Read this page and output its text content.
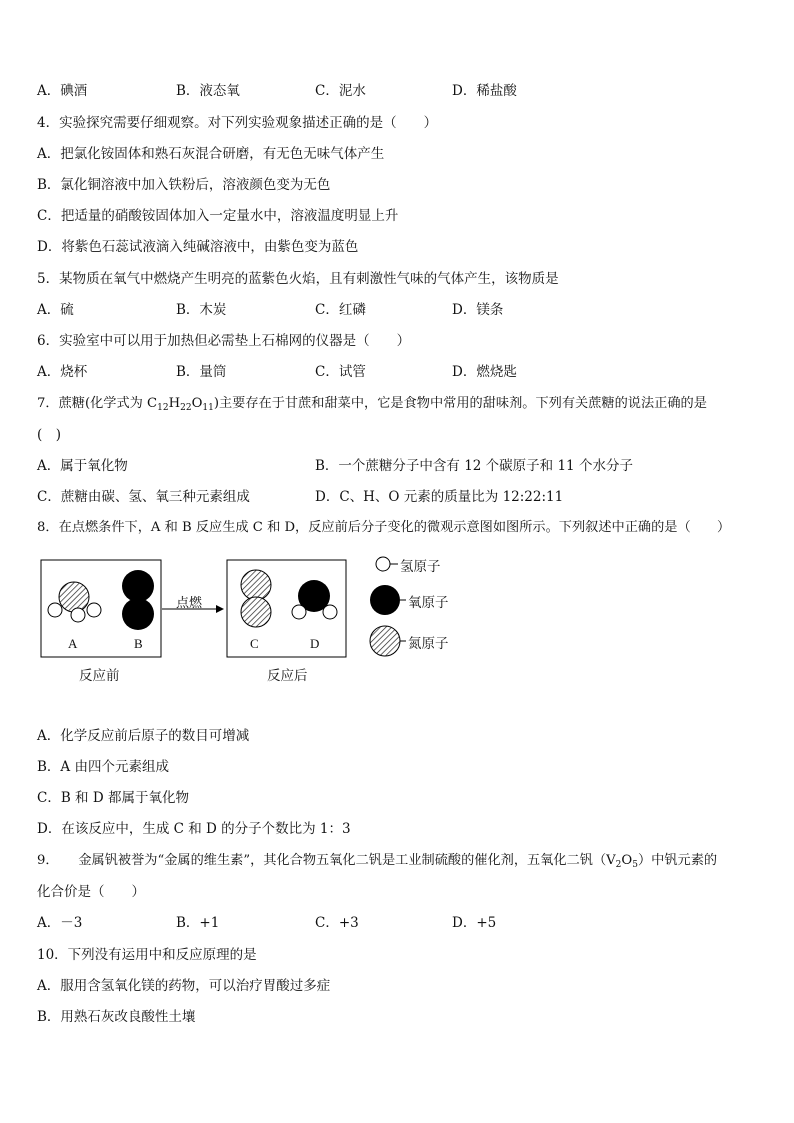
A．碘酒	B．液态氧	C．泥水	D．稀盐酸
4．实验探究需要仔细观察。对下列实验观象描述正确的是（　　）
A．把氯化铵固体和熟石灰混合研磨，有无色无味气体产生
B．氯化铜溶液中加入铁粉后，溶液颜色变为无色
C．把适量的硝酸铵固体加入一定量水中，溶液温度明显上升
D．将紫色石蕊试液滴入纯碱溶液中，由紫色变为蓝色
5．某物质在氧气中燃烧产生明亮的蓝紫色火焰，且有刺激性气味的气体产生，该物质是
A．硫	B．木炭	C．红磷	D．镁条
6．实验室中可以用于加热但必需垫上石棉网的仪器是（　　）
A．烧杯	B．量筒	C．试管	D．燃烧匙
7．蔗糖(化学式为 $C_{12}H_{22}O_{11}$)主要存在于甘蔗和甜菜中，它是食物中常用的甜味剂。下列有关蔗糖的说法正确的是
(　)
A．属于氧化物	B．一个蔗糖分子中含有 12 个碳原子和 11 个水分子
C．蔗糖由碳、氢、氧三种元素组成	D．C、H、O 元素的质量比为 12:22:11
8．在点燃条件下，A 和 B 反应生成 C 和 D，反应前后分子变化的微观示意图如图所示。下列叙述中正确的是（　　）
A	B	C	D
点燃
反应前	反应后
氢原子
氧原子
氮原子
A．化学反应前后原子的数目可增减
B．A 由四个元素组成
C．B 和 D 都属于氧化物
D．在该反应中，生成 C 和 D 的分子个数比为 1：3
9．　　金属钒被誉为“金属的维生素”，其化合物五氧化二钒是工业制硫酸的催化剂，五氧化二钒$(V_2O_5)$中钒元素的
化合价是（　　）
A．－3	B．+1	C．+3	D．+5
10．下列没有运用中和反应原理的是
A．服用含氢氧化镁的药物，可以治疗胃酸过多症
B．用熟石灰改良酸性土壤
